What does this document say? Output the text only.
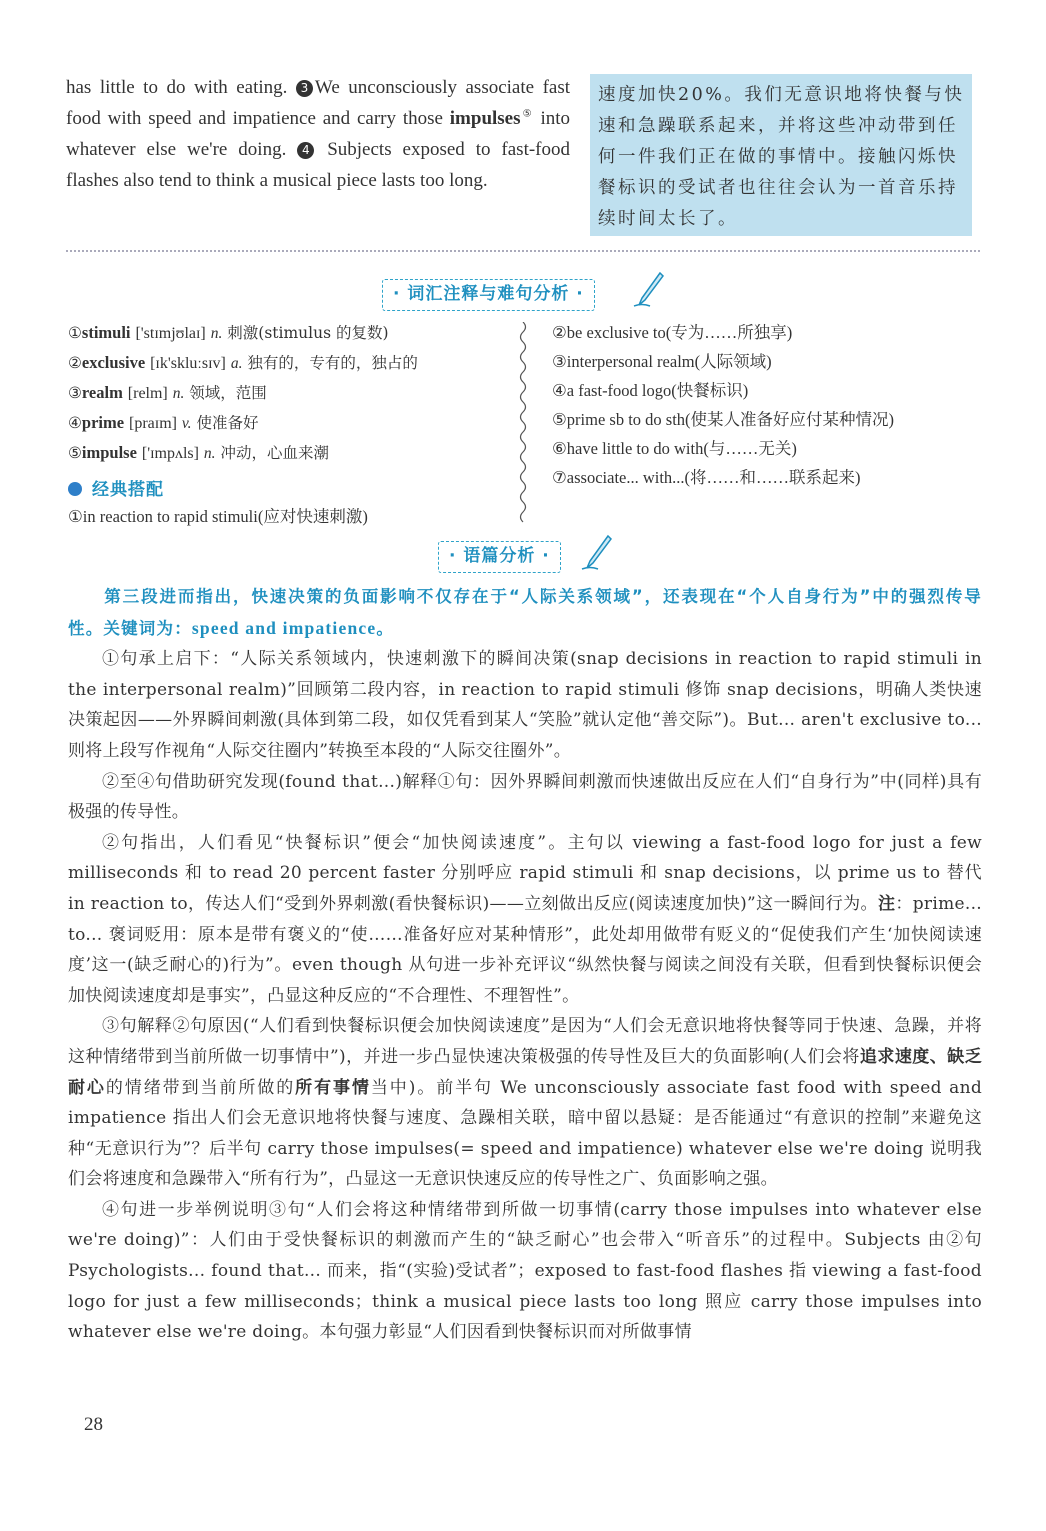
has little to do with eating. 3 We unconsciously associate fast food with speed and impatience and carry those impulses⑤ into whatever else we're doing. 4 Subjects exposed to fast-food flashes also tend to think a musical piece lasts too long.
速度加快20%。我们无意识地将快餐与快速和急躁联系起来，并将这些冲动带到任何一件我们正在做的事情中。接触闪烁快餐标识的受试者也往往会认为一首音乐持续时间太长了。
· 词汇注释与难句分析 ·
①stimuli ['stɪmjʊlaɪ] n. 刺激(stimulus 的复数)
②exclusive [ɪk'skluːsɪv] a. 独有的，专有的，独占的
③realm [relm] n. 领域，范围
④prime [praɪm] v. 使准备好
⑤impulse ['ɪmpʌls] n. 冲动，心血来潮
②be exclusive to(专为……所独享)
③interpersonal realm(人际领域)
④a fast-food logo(快餐标识)
⑤prime sb to do sth(使某人准备好应付某种情况)
⑥have little to do with(与……无关)
⑦associate... with...(将……和……联系起来)
经典搭配
①in reaction to rapid stimuli(应对快速刺激)
· 语篇分析 ·

第三段进而指出，快速决策的负面影响不仅存在于“人际关系领域”，还表现在“个人自身行为”中的强烈传导性。关键词为：speed and impatience。

①句承上启下：“人际关系领域内，快速刺激下的瞬间决策(snap decisions in reaction to rapid stimuli in the interpersonal realm)”回顾第二段内容，in reaction to rapid stimuli 修饰 snap decisions，明确人类快速决策起因——外界瞬间刺激(具体到第二段，如仅凭看到某人“笑脸”就认定他“善交际”)。But... aren't exclusive to... 则将上段写作视角“人际交往圈内”转换至本段的“人际交往圈外”。

②至④句借助研究发现(found that...)解释①句：因外界瞬间刺激而快速做出反应在人们“自身行为”中(同样)具有极强的传导性。

②句指出，人们看见“快餐标识”便会“加快阅读速度”。主句以 viewing a fast-food logo for just a few milliseconds 和 to read 20 percent faster 分别呼应 rapid stimuli 和 snap decisions，以 prime us to 替代 in reaction to，传达人们“受到外界刺激(看快餐标识)——立刻做出反应(阅读速度加快)”这一瞬间行为。注：prime... to... 褒词贬用：原本是带有褒义的“使……准备好应对某种情形”，此处却用做带有贬义的“促使我们产生‘加快阅读速度’这一(缺乏耐心的)行为”。even though 从句进一步补充评议“纵然快餐与阅读之间没有关联，但看到快餐标识便会加快阅读速度却是事实”，凸显这种反应的“不合理性、不理智性”。

③句解释②句原因(“人们看到快餐标识便会加快阅读速度”是因为“人们会无意识地将快餐等同于快速、急躁，并将这种情绪带到当前所做一切事情中”)，并进一步凸显快速决策极强的传导性及巨大的负面影响(人们会将追求速度、缺乏耐心的情绪带到当前所做的所有事情当中)。前半句 We unconsciously associate fast food with speed and impatience 指出人们会无意识地将快餐与速度、急躁相关联，暗中留以悬疑：是否能通过“有意识的控制”来避免这种“无意识行为”？后半句 carry those impulses(= speed and impatience) whatever else we're doing 说明我们会将速度和急躁带入“所有行为”，凸显这一无意识快速反应的传导性之广、负面影响之强。

④句进一步举例说明③句“人们会将这种情绪带到所做一切事情(carry those impulses into whatever else we're doing)”：人们由于受快餐标识的刺激而产生的“缺乏耐心”也会带入“听音乐”的过程中。Subjects 由②句 Psychologists... found that... 而来，指“(实验)受试者”；exposed to fast-food flashes 指 viewing a fast-food logo for just a few milliseconds；think a musical piece lasts too long 照应 carry those impulses into whatever else we're doing。本句强力彰显“人们因看到快餐标识而对所做事情

28
